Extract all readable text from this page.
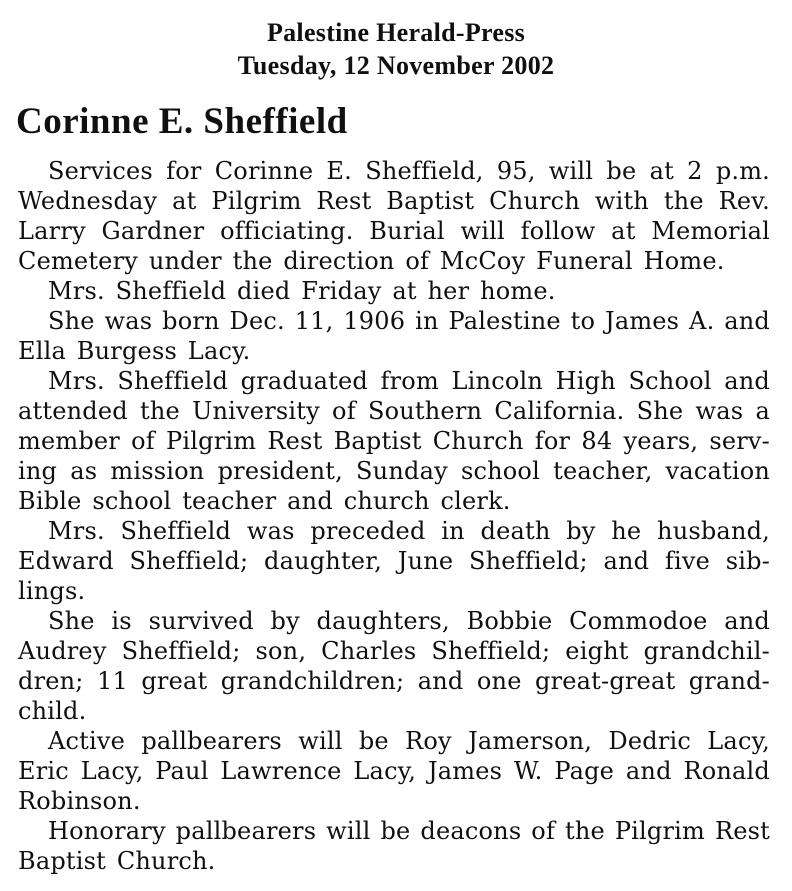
Palestine Herald-Press
Tuesday, 12 November 2002
Corinne E. Sheffield
Services for Corinne E. Sheffield, 95, will be at 2 p.m.
Wednesday at Pilgrim Rest Baptist Church with the Rev.
Larry Gardner officiating. Burial will follow at Memorial
Cemetery under the direction of McCoy Funeral Home.
Mrs. Sheffield died Friday at her home.
She was born Dec. 11, 1906 in Palestine to James A. and
Ella Burgess Lacy.
Mrs. Sheffield graduated from Lincoln High School and
attended the University of Southern California. She was a
member of Pilgrim Rest Baptist Church for 84 years, serv-
ing as mission president, Sunday school teacher, vacation
Bible school teacher and church clerk.
Mrs. Sheffield was preceded in death by he husband,
Edward Sheffield; daughter, June Sheffield; and five sib-
lings.
She is survived by daughters, Bobbie Commodoe and
Audrey Sheffield; son, Charles Sheffield; eight grandchil-
dren; 11 great grandchildren; and one great-great grand-
child.
Active pallbearers will be Roy Jamerson, Dedric Lacy,
Eric Lacy, Paul Lawrence Lacy, James W. Page and Ronald
Robinson.
Honorary pallbearers will be deacons of the Pilgrim Rest
Baptist Church.
